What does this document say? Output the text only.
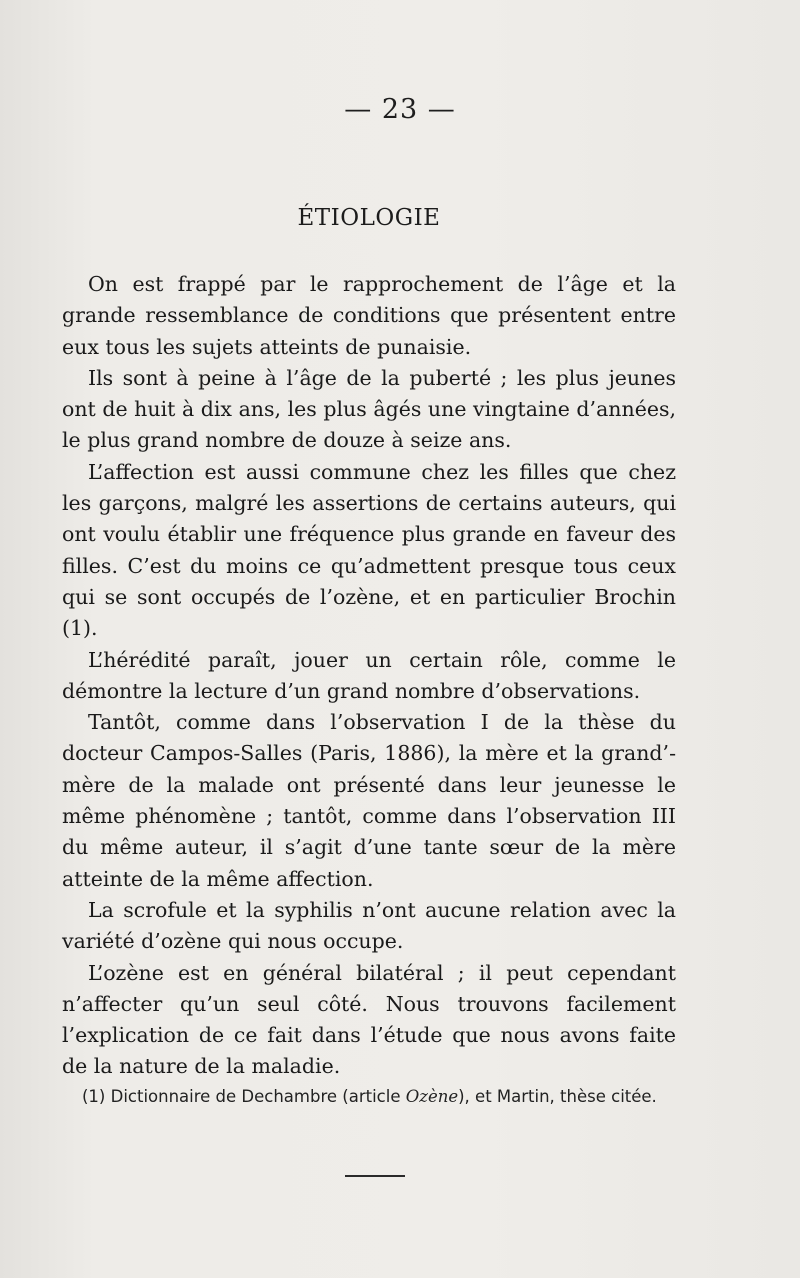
— 23 —
ÉTIOLOGIE

On est frappé par le rapprochement de l’âge et la grande ressemblance de conditions que présentent entre eux tous les sujets atteints de punaisie.

Ils sont à peine à l’âge de la puberté ; les plus jeunes ont de huit à dix ans, les plus âgés une vingtaine d’années, le plus grand nombre de douze à seize ans.

L’affection est aussi commune chez les filles que chez les garçons, malgré les assertions de certains auteurs, qui ont voulu établir une fréquence plus grande en faveur des filles. C’est du moins ce qu’admettent presque tous ceux qui se sont occupés de l’ozène, et en particulier Brochin (1).

L’hérédité paraît, jouer un certain rôle, comme le démontre la lecture d’un grand nombre d’observations.

Tantôt, comme dans l’observation I de la thèse du docteur Campos-Salles (Paris, 1886), la mère et la grand’-mère de la malade ont présenté dans leur jeunesse le même phénomène ; tantôt, comme dans l’observation III du même auteur, il s’agit d’une tante sœur de la mère atteinte de la même affection.

La scrofule et la syphilis n’ont aucune relation avec la variété d’ozène qui nous occupe.

L’ozène est en général bilatéral ; il peut cependant n’affecter qu’un seul côté. Nous trouvons facilement l’explication de ce fait dans l’étude que nous avons faite de la nature de la maladie.

(1) Dictionnaire de Dechambre (article Ozène), et Martin, thèse citée.
